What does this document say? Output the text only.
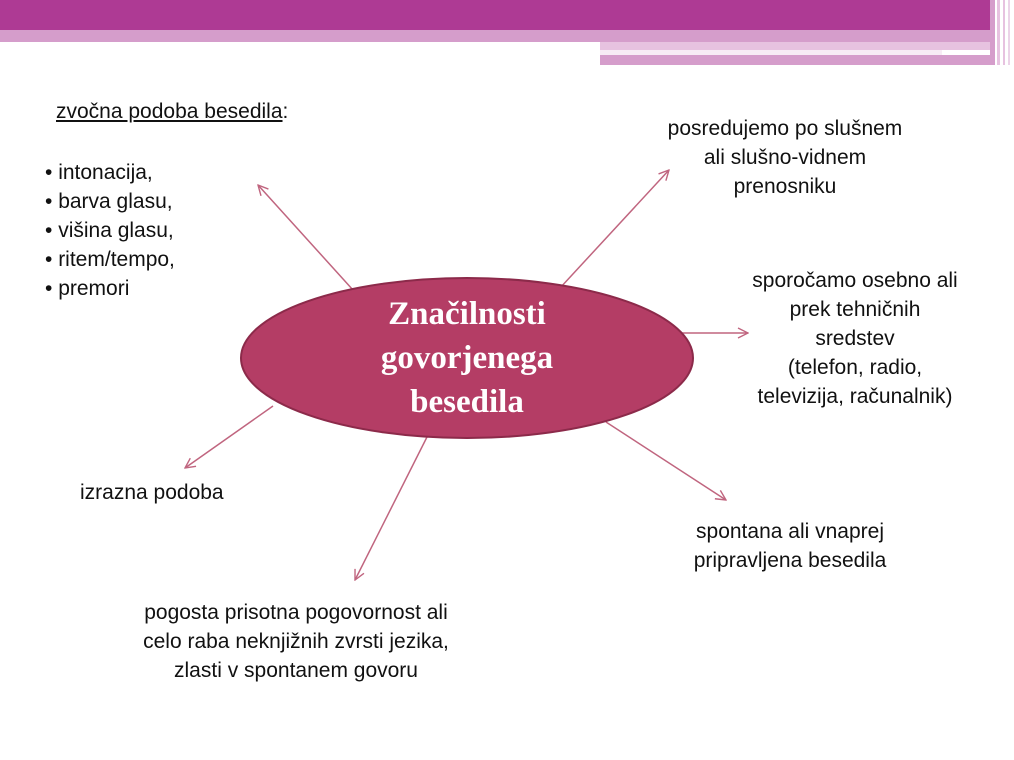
Značilnosti
govorjenega
besedila
zvočna podoba besedila:
• intonacija,
• barva glasu,
• višina glasu,
• ritem/tempo,
• premori
posredujemo po slušnem
ali slušno-vidnem
prenosniku
sporočamo osebno ali
prek tehničnih
sredstev
(telefon, radio,
televizija, računalnik)
izrazna podoba
spontana ali vnaprej
pripravljena besedila
pogosta prisotna pogovornost ali
celo raba neknjižnih zvrsti jezika,
zlasti v spontanem govoru
